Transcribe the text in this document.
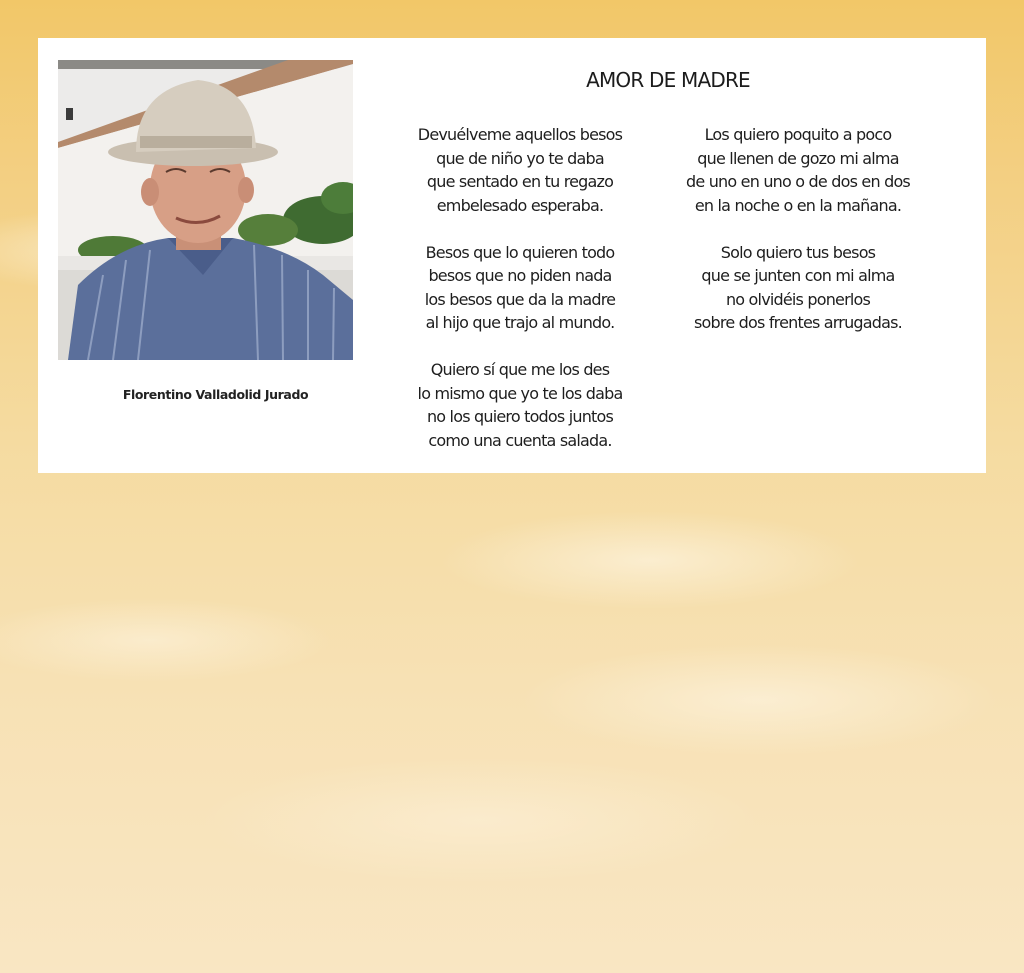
Florentino Valladolid Jurado
AMOR DE MADRE
Devuélveme aquellos besos
que de niño yo te daba
que sentado en tu regazo
embelesado esperaba.
Besos que lo quieren todo
besos que no piden nada
los besos que da la madre
al hijo que trajo al mundo.
Quiero sí que me los des
lo mismo que yo te los daba
no los quiero todos juntos
como una cuenta salada.
Los quiero poquito a poco
que llenen de gozo mi alma
de uno en uno o de dos en dos
en la noche o en la mañana.
Solo quiero tus besos
que se junten con mi alma
no olvidéis ponerlos
sobre dos frentes arrugadas.
